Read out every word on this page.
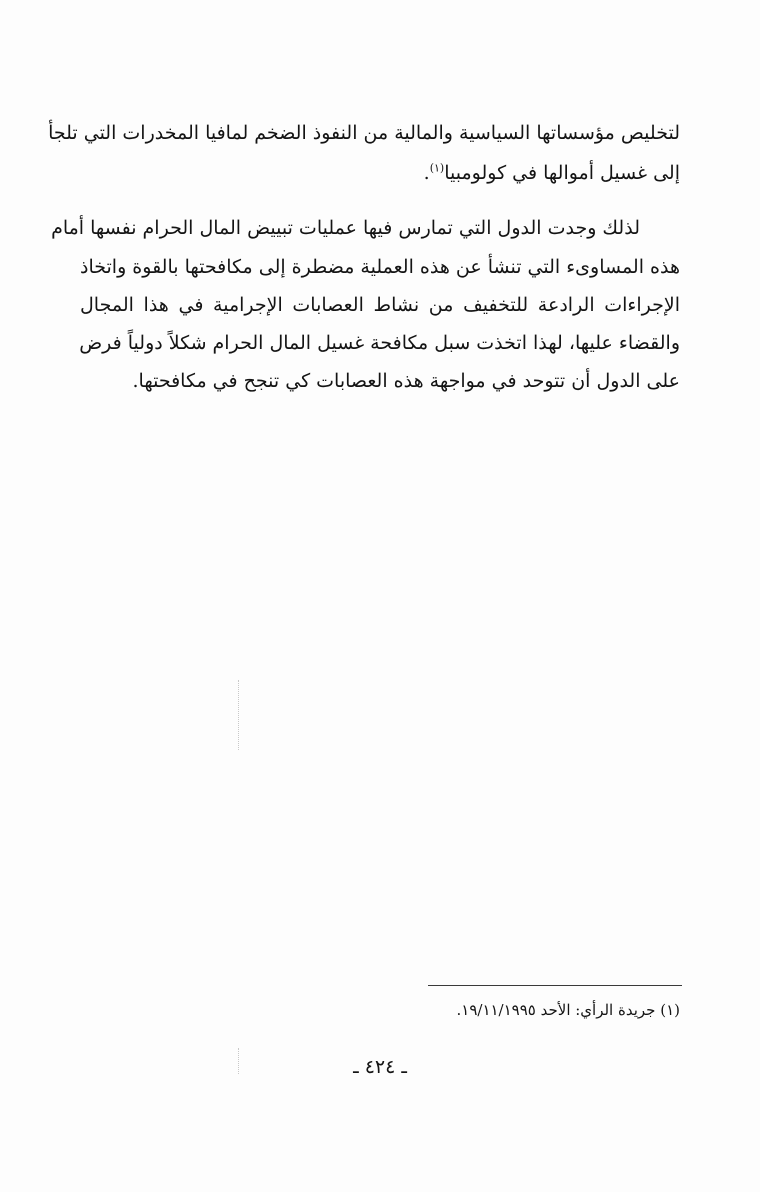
لتخليص مؤسساتها السياسية والمالية من النفوذ الضخم لمافيا المخدرات التي تلجأ
إلى غسيل أموالها في كولومبيا$^{(١)}$.
لذلك وجدت الدول التي تمارس فيها عمليات تبييض المال الحرام نفسها أمام
هذه المساوىء التي تنشأ عن هذه العملية مضطرة إلى مكافحتها بالقوة واتخاذ
الإجراءات الرادعة للتخفيف من نشاط العصابات الإجرامية في هذا المجال
والقضاء عليها، لهذا اتخذت سبل مكافحة غسيل المال الحرام شكلاً دولياً فرض
على الدول أن تتوحد في مواجهة هذه العصابات كي تنجح في مكافحتها.
(١) جريدة الرأي: الأحد ١٩/١١/١٩٩٥.
ـ ٤٢٤ ـ
